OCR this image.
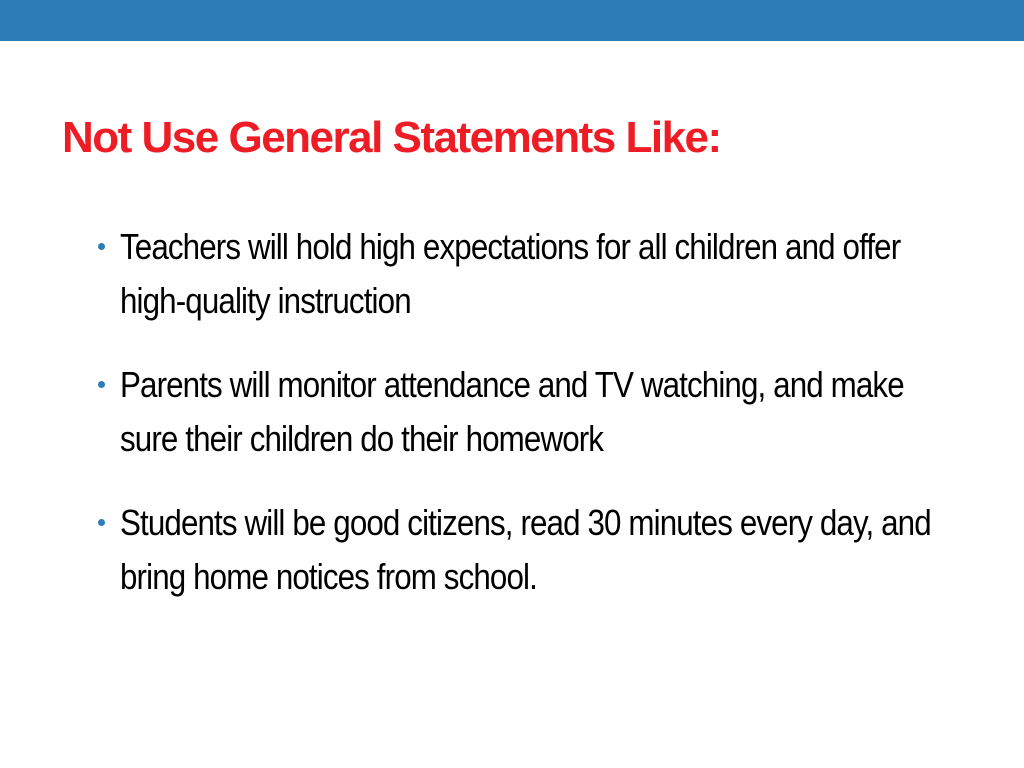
Not Use General Statements Like:
Teachers will hold high expectations for all children and offer high-quality instruction
Parents will monitor attendance and TV watching, and make sure their children do their homework
Students will be good citizens, read 30 minutes every day, and bring home notices from school.
